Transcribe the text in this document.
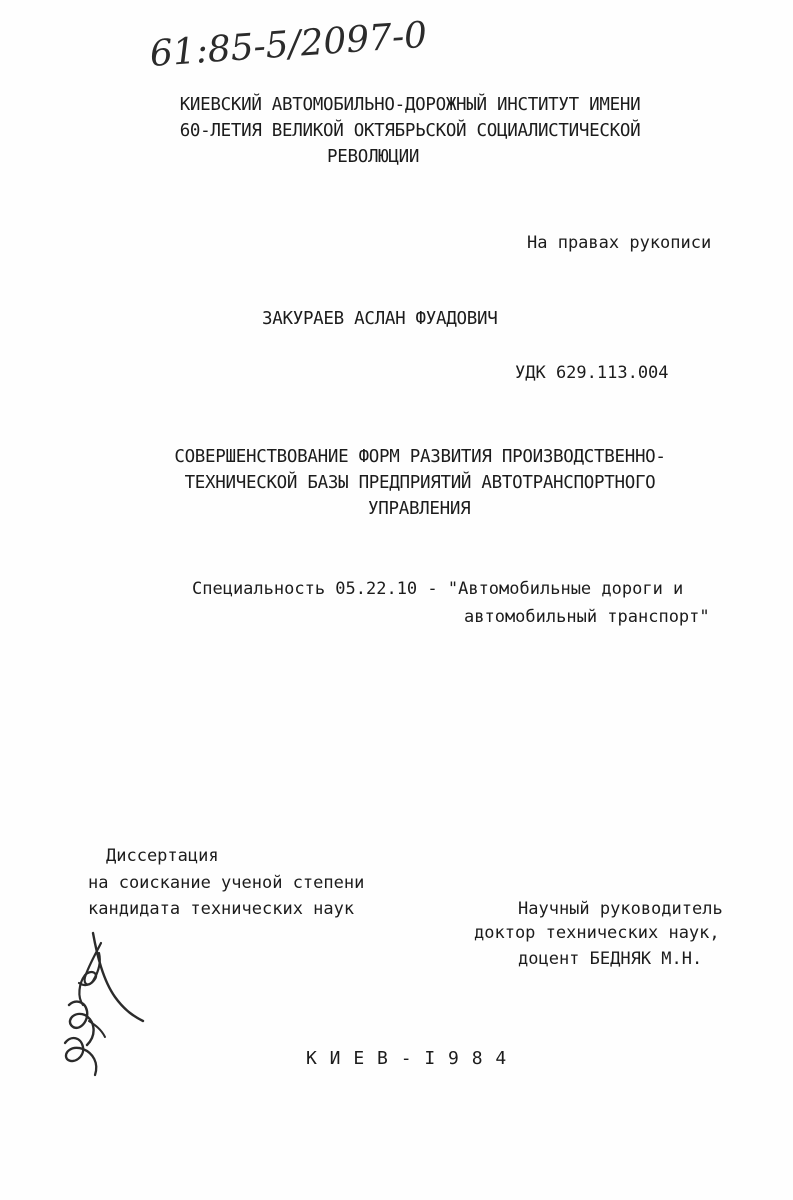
61:85-5/2097-0
КИЕВСКИЙ АВТОМОБИЛЬНО-ДОРОЖНЫЙ ИНСТИТУТ ИМЕНИ
60-ЛЕТИЯ ВЕЛИКОЙ ОКТЯБРЬСКОЙ СОЦИАЛИСТИЧЕСКОЙ
РЕВОЛЮЦИИ
На правах рукописи
ЗАКУРАЕВ АСЛАН ФУАДОВИЧ
УДК 629.113.004
СОВЕРШЕНСТВОВАНИЕ ФОРМ РАЗВИТИЯ ПРОИЗВОДСТВЕННО-
ТЕХНИЧЕСКОЙ БАЗЫ ПРЕДПРИЯТИЙ АВТОТРАНСПОРТНОГО
УПРАВЛЕНИЯ
Специальность 05.22.10 - "Автомобильные дороги и
автомобильный транспорт"
Диссертация
на соискание ученой степени
кандидата технических наук	Научный руководитель
доктор технических наук,
доцент БЕДНЯК М.Н.
К И Е В - I 9 8 4
